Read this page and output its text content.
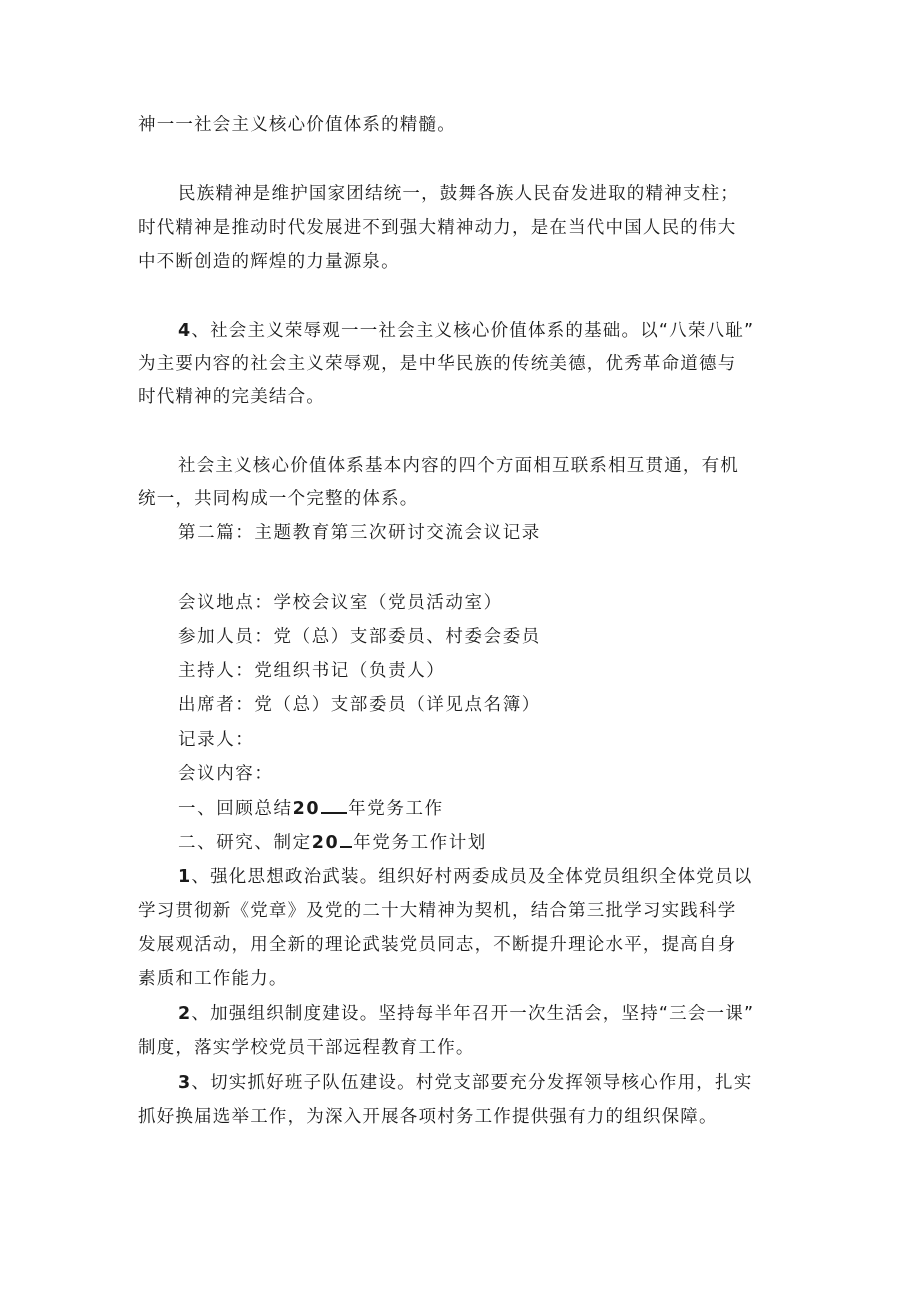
神一一社会主义核心价值体系的精髓。
民族精神是维护国家团结统一，鼓舞各族人民奋发进取的精神支柱；
时代精神是推动时代发展进不到强大精神动力，是在当代中国人民的伟大
中不断创造的辉煌的力量源泉。
4、社会主义荣辱观一一社会主义核心价值体系的基础。以“八荣八耻”
为主要内容的社会主义荣辱观，是中华民族的传统美德，优秀革命道德与
时代精神的完美结合。
社会主义核心价值体系基本内容的四个方面相互联系相互贯通，有机
统一，共同构成一个完整的体系。
第二篇：主题教育第三次研讨交流会议记录
会议地点：学校会议室（党员活动室）
参加人员：党（总）支部委员、村委会委员
主持人：党组织书记（负责人）
出席者：党（总）支部委员（详见点名簿）
记录人：
会议内容：
一、回顾总结20 年党务工作
二、研究、制定20 年党务工作计划
1、强化思想政治武装。组织好村两委成员及全体党员组织全体党员以
学习贯彻新《党章》及党的二十大精神为契机，结合第三批学习实践科学
发展观活动，用全新的理论武装党员同志，不断提升理论水平，提高自身
素质和工作能力。
2、加强组织制度建设。坚持每半年召开一次生活会，坚持“三会一课”
制度，落实学校党员干部远程教育工作。
3、切实抓好班子队伍建设。村党支部要充分发挥领导核心作用，扎实
抓好换届选举工作，为深入开展各项村务工作提供强有力的组织保障。
